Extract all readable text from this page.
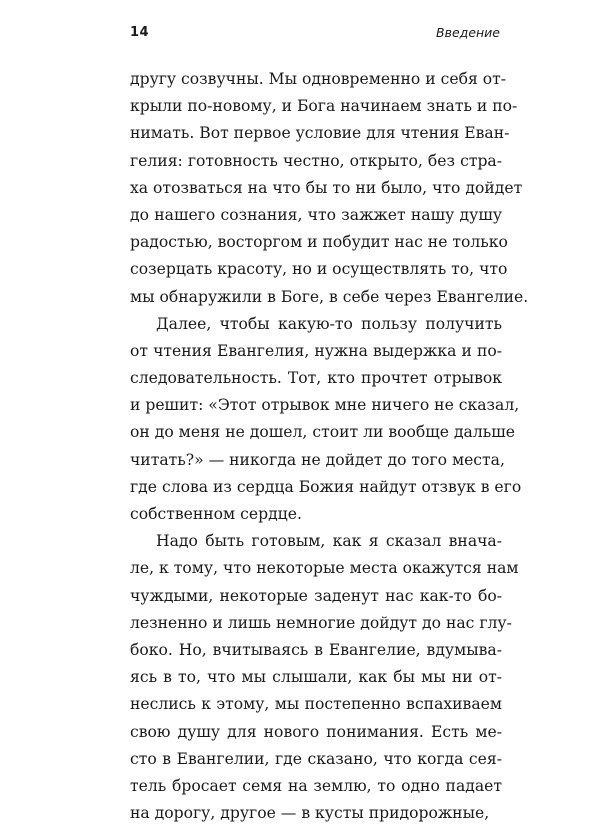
14	Введение
другу созвучны. Мы одновременно и себя от-
крыли по-новому, и Бога начинаем знать и по-
нимать. Вот первое условие для чтения Еван-
гелия: готовность честно, открыто, без стра-
ха отозваться на что бы то ни было, что дойдет
до нашего сознания, что зажжет нашу душу
радостью, восторгом и побудит нас не только
созерцать красоту, но и осуществлять то, что
мы обнаружили в Боге, в себе через Евангелие.
Далее, чтобы какую-то пользу получить
от чтения Евангелия, нужна выдержка и по-
следовательность. Тот, кто прочтет отрывок
и решит: «Этот отрывок мне ничего не сказал,
он до меня не дошел, стоит ли вообще дальше
читать?» — никогда не дойдет до того места,
где слова из сердца Божия найдут отзвук в его
собственном сердце.
Надо быть готовым, как я сказал внача-
ле, к тому, что некоторые места окажутся нам
чуждыми, некоторые заденут нас как-то бо-
лезненно и лишь немногие дойдут до нас глу-
боко. Но, вчитываясь в Евангелие, вдумыва-
ясь в то, что мы слышали, как бы мы ни от-
неслись к этому, мы постепенно вспахиваем
свою душу для нового понимания. Есть ме-
сто в Евангелии, где сказано, что когда сея-
тель бросает семя на землю, то одно падает
на дорогу, другое — в кусты придорожные,
